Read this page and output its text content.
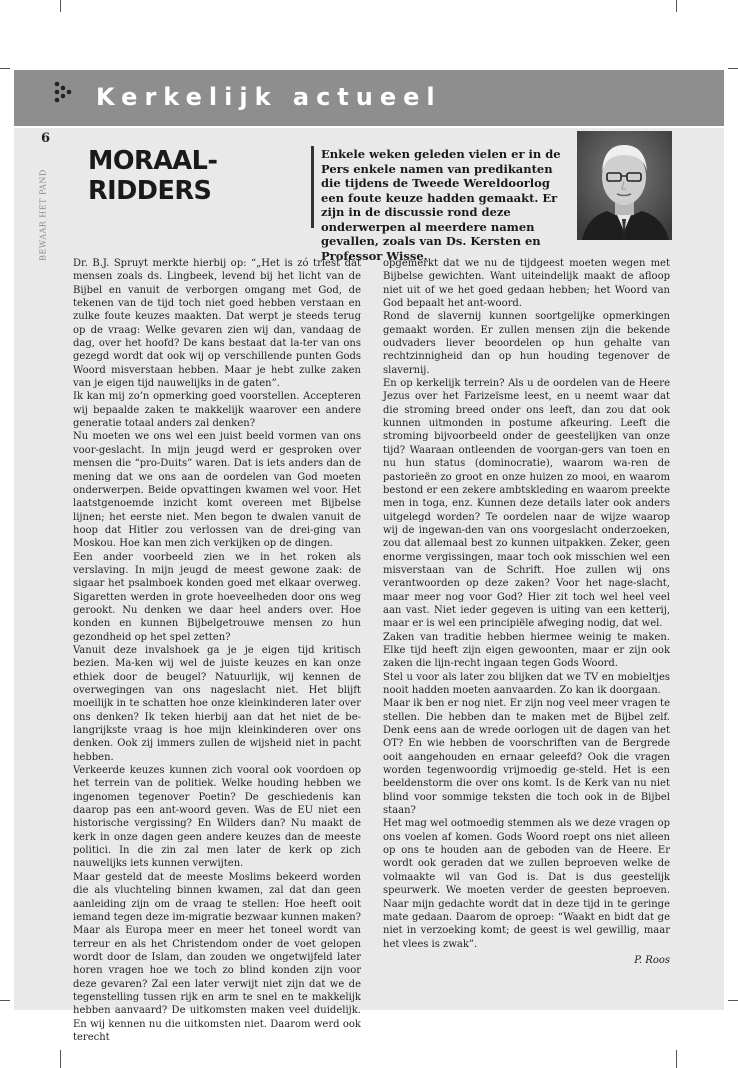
Kerkelijk actueel
6
BEWAAR HET PAND
MORAAL-
RIDDERS
Enkele weken geleden vielen er in de Pers enkele namen van predikanten die tijdens de Tweede Wereldoorlog een foute keuze hadden gemaakt. Er zijn in de discussie rond deze onderwerpen al meerdere namen gevallen, zoals van Ds. Kersten en Professor Wisse.

Dr. B.J. Spruyt merkte hierbij op: “„Het is zó triest dat mensen zoals ds. Lingbeek, levend bij het licht van de Bijbel en vanuit de verborgen omgang met God, de tekenen van de tijd toch niet goed hebben verstaan en zulke foute keuzes maakten. Dat werpt je steeds terug op de vraag: Welke gevaren zien wij dan, vandaag de dag, over het hoofd? De kans bestaat dat la-ter van ons gezegd wordt dat ook wij op verschillende punten Gods Woord misverstaan hebben. Maar je hebt zulke zaken van je eigen tijd nauwelijks in de gaten”.

Ik kan mij zo’n opmerking goed voorstellen. Accepteren wij bepaalde zaken te makkelijk waarover een andere generatie totaal anders zal denken?

Nu moeten we ons wel een juist beeld vormen van ons voor-geslacht. In mijn jeugd werd er gesproken over mensen die “pro-Duits” waren. Dat is iets anders dan de mening dat we ons aan de oordelen van God moeten onderwerpen. Beide opvattingen kwamen wel voor. Het laatstgenoemde inzicht komt overeen met Bijbelse lijnen; het eerste niet. Men begon te dwalen vanuit de hoop dat Hitler zou verlossen van de drei-ging van Moskou. Hoe kan men zich verkijken op de dingen.

Een ander voorbeeld zien we in het roken als verslaving. In mijn jeugd de meest gewone zaak: de sigaar het psalmboek konden goed met elkaar overweg. Sigaretten werden in grote hoeveelheden door ons weg gerookt. Nu denken we daar heel anders over. Hoe konden en kunnen Bijbelgetrouwe mensen zo hun gezondheid op het spel zetten?

Vanuit deze invalshoek ga je je eigen tijd kritisch bezien. Ma-ken wij wel de juiste keuzes en kan onze ethiek door de beugel? Natuurlijk, wij kennen de overwegingen van ons nageslacht niet. Het blijft moeilijk in te schatten hoe onze kleinkinderen later over ons denken? Ik teken hierbij aan dat het niet de be-langrijkste vraag is hoe mijn kleinkinderen over ons denken. Ook zij immers zullen de wijsheid niet in pacht hebben.

Verkeerde keuzes kunnen zich vooral ook voordoen op het terrein van de politiek. Welke houding hebben we ingenomen tegenover Poetin? De geschiedenis kan daarop pas een ant-woord geven. Was de EU niet een historische vergissing? En Wilders dan? Nu maakt de kerk in onze dagen geen andere keuzes dan de meeste politici. In die zin zal men later de kerk op zich nauwelijks iets kunnen verwijten.

Maar gesteld dat de meeste Moslims bekeerd worden die als vluchteling binnen kwamen, zal dat dan geen aanleiding zijn om de vraag te stellen: Hoe heeft ooit iemand tegen deze im-migratie bezwaar kunnen maken? Maar als Europa meer en meer het toneel wordt van terreur en als het Christendom onder de voet gelopen wordt door de Islam, dan zouden we ongetwijfeld later horen vragen hoe we toch zo blind konden zijn voor deze gevaren? Zal een later verwijt niet zijn dat we de tegenstelling tussen rijk en arm te snel en te makkelijk hebben aanvaard? De uitkomsten maken veel duidelijk. En wij kennen nu die uitkomsten niet. Daarom werd ook terecht

opgemerkt dat we nu de tijdgeest moeten wegen met Bijbelse gewichten. Want uiteindelijk maakt de afloop niet uit of we het goed gedaan hebben; het Woord van God bepaalt het ant-woord.

Rond de slavernij kunnen soortgelijke opmerkingen gemaakt worden. Er zullen mensen zijn die bekende oudvaders liever beoordelen op hun gehalte van rechtzinnigheid dan op hun houding tegenover de slavernij.

En op kerkelijk terrein? Als u de oordelen van de Heere Jezus over het Farizeïsme leest, en u neemt waar dat die stroming breed onder ons leeft, dan zou dat ook kunnen uitmonden in postume afkeuring. Leeft die stroming bijvoorbeeld onder de geestelijken van onze tijd? Waaraan ontleenden de voorgan-gers van toen en nu hun status (dominocratie), waarom wa-ren de pastorieën zo groot en onze huizen zo mooi, en waarom bestond er een zekere ambtskleding en waarom preekte men in toga, enz. Kunnen deze details later ook anders uitgelegd worden? Te oordelen naar de wijze waarop wij de ingewan-den van ons voorgeslacht onderzoeken, zou dat allemaal best zo kunnen uitpakken. Zeker, geen enorme vergissingen, maar toch ook misschien wel een misverstaan van de Schrift. Hoe zullen wij ons verantwoorden op deze zaken? Voor het nage-slacht, maar meer nog voor God? Hier zit toch wel heel veel aan vast. Niet ieder gegeven is uiting van een ketterij, maar er is wel een principiële afweging nodig, dat wel.

Zaken van traditie hebben hiermee weinig te maken. Elke tijd heeft zijn eigen gewoonten, maar er zijn ook zaken die lijn-recht ingaan tegen Gods Woord.

Stel u voor als later zou blijken dat we TV en mobieltjes nooit hadden moeten aanvaarden. Zo kan ik doorgaan.

Maar ik ben er nog niet. Er zijn nog veel meer vragen te stellen. Die hebben dan te maken met de Bijbel zelf. Denk eens aan de wrede oorlogen uit de dagen van het OT? En wie hebben de voorschriften van de Bergrede ooit aangehouden en ernaar geleefd? Ook die vragen worden tegenwoordig vrijmoedig ge-steld. Het is een beeldenstorm die over ons komt. Is de Kerk van nu niet blind voor sommige teksten die toch ook in de Bijbel staan?

Het mag wel ootmoedig stemmen als we deze vragen op ons voelen af komen. Gods Woord roept ons niet alleen op ons te houden aan de geboden van de Heere. Er wordt ook geraden dat we zullen beproeven welke de volmaakte wil van God is. Dat is dus geestelijk speurwerk. We moeten verder de geesten beproeven. Naar mijn gedachte wordt dat in deze tijd in te geringe mate gedaan. Daarom de oproep: “Waakt en bidt dat ge niet in verzoeking komt; de geest is wel gewillig, maar het vlees is zwak”.

P. Roos
